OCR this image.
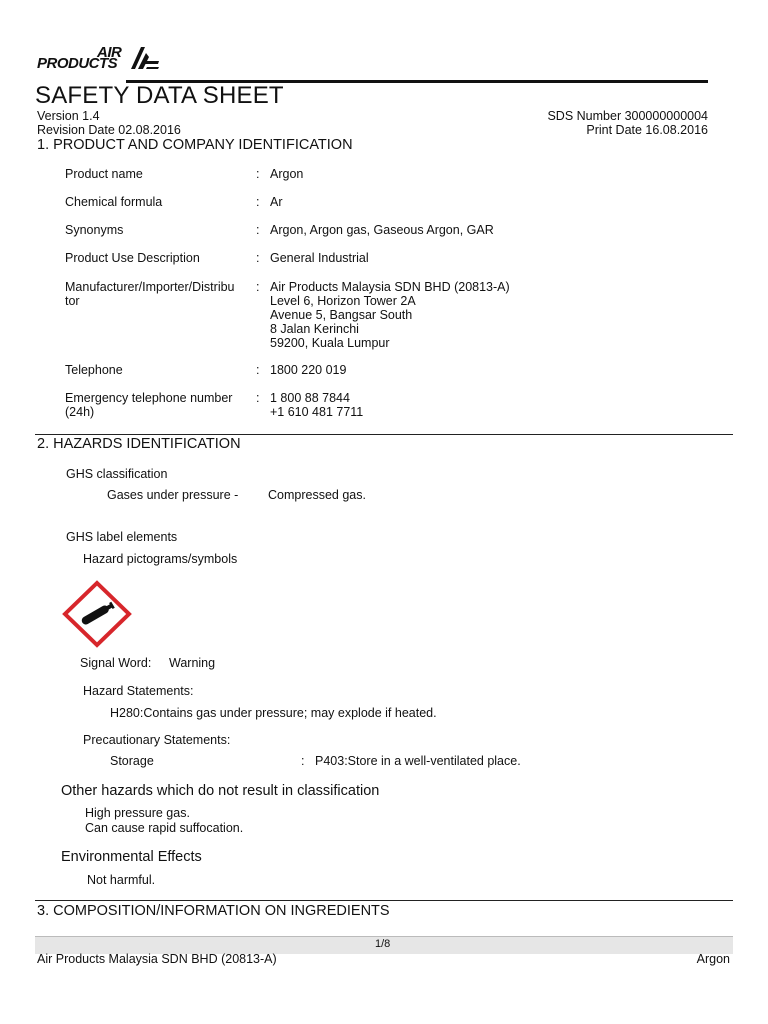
AIR
PRODUCTS
SAFETY DATA SHEET
Version 1.4
Revision Date 02.08.2016
SDS Number 300000000004
Print Date 16.08.2016
1. PRODUCT AND COMPANY IDENTIFICATION
Product name	: Argon
Chemical formula	: Ar
Synonyms	: Argon, Argon gas, Gaseous Argon, GAR
Product Use Description	: General Industrial
Manufacturer/Importer/Distribu
tor
: Air Products Malaysia SDN BHD (20813-A)
Level 6, Horizon Tower 2A
Avenue 5, Bangsar South
8 Jalan Kerinchi
59200, Kuala Lumpur
Telephone	: 1800 220 019
Emergency telephone number
(24h)
: 1 800 88 7844
+1 610 481 7711
2. HAZARDS IDENTIFICATION
GHS classification
Gases under pressure - Compressed gas.
GHS label elements
Hazard pictograms/symbols
Signal Word: Warning
Hazard Statements:
H280:Contains gas under pressure; may explode if heated.
Precautionary Statements:
Storage	: P403:Store in a well-ventilated place.
Other hazards which do not result in classification
High pressure gas.
Can cause rapid suffocation.
Environmental Effects
Not harmful.
3. COMPOSITION/INFORMATION ON INGREDIENTS
1/8
Air Products Malaysia SDN BHD (20813-A)	Argon
